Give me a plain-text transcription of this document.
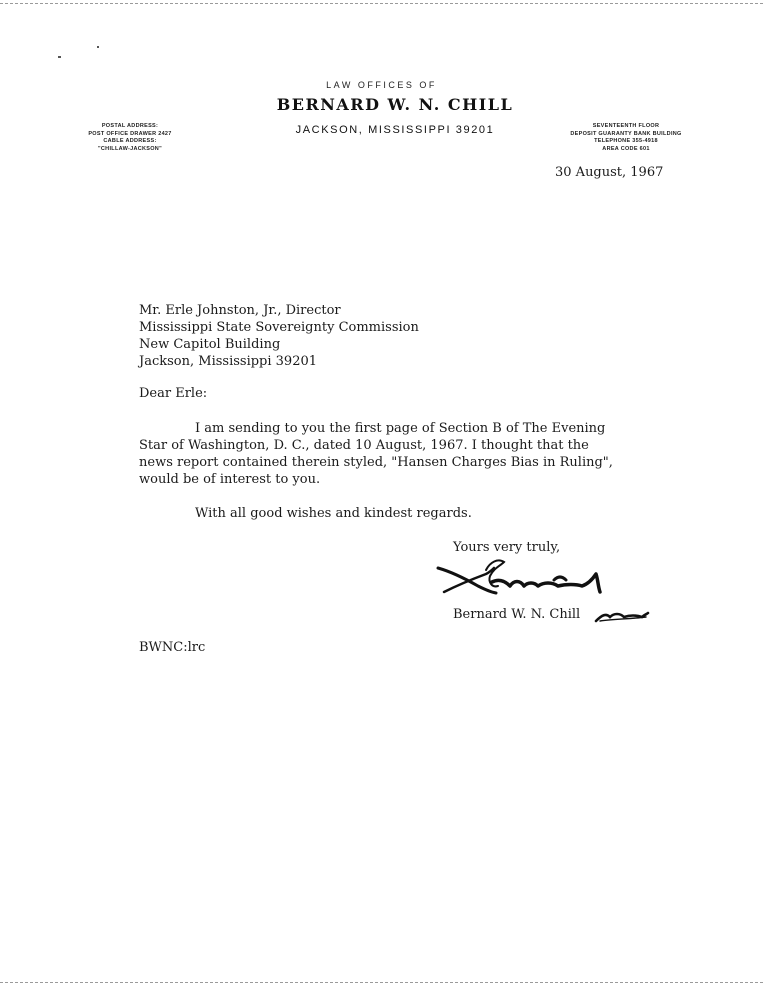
LAW OFFICES OF
BERNARD W. N. CHILL
JACKSON, MISSISSIPPI 39201
POSTAL ADDRESS:
POST OFFICE DRAWER 2427
CABLE ADDRESS:
"CHILLAW-JACKSON"
SEVENTEENTH FLOOR
DEPOSIT GUARANTY BANK BUILDING
TELEPHONE 355-4918
AREA CODE 601
30 August, 1967
Mr. Erle Johnston, Jr., Director
Mississippi State Sovereignty Commission
New Capitol Building
Jackson, Mississippi 39201
Dear Erle:
I am sending to you the first page of Section B of The Evening
Star of Washington, D. C., dated 10 August, 1967. I thought that the
news report contained therein styled, "Hansen Charges Bias in Ruling",
would be of interest to you.
With all good wishes and kindest regards.
Yours very truly,
Bernard W. N. Chill
BWNC:lrc
